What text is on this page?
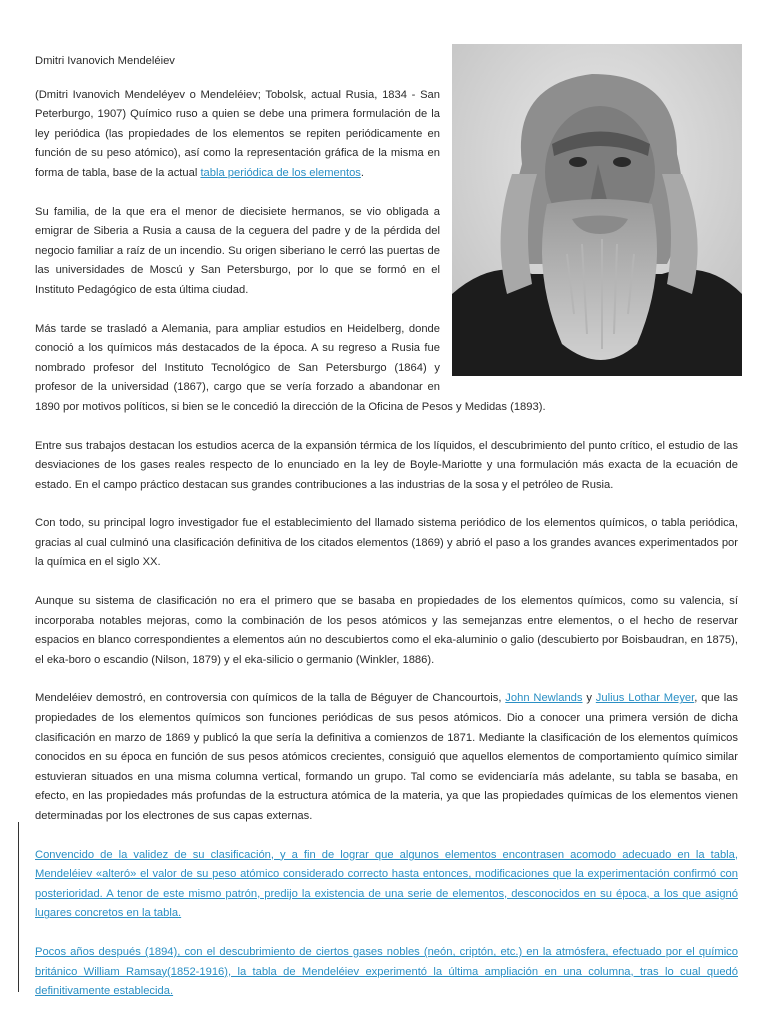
Dmitri Ivanovich Mendeléiev

(Dmitri Ivanovich Mendeléyev o Mendeléiev; Tobolsk, actual Rusia, 1834 - San Peterburgo, 1907) Químico ruso a quien se debe una primera formulación de la ley periódica (las propiedades de los elementos se repiten periódicamente en función de su peso atómico), así como la representación gráfica de la misma en forma de tabla, base de la actual tabla periódica de los elementos.

Su familia, de la que era el menor de diecisiete hermanos, se vio obligada a emigrar de Siberia a Rusia a causa de la ceguera del padre y de la pérdida del negocio familiar a raíz de un incendio. Su origen siberiano le cerró las puertas de las universidades de Moscú y San Petersburgo, por lo que se formó en el Instituto Pedagógico de esta última ciudad.

Más tarde se trasladó a Alemania, para ampliar estudios en Heidelberg, donde conoció a los químicos más destacados de la época. A su regreso a Rusia fue nombrado profesor del Instituto Tecnológico de San Petersburgo (1864) y profesor de la universidad (1867), cargo que se vería forzado a abandonar en 1890 por motivos políticos, si bien se le concedió la dirección de la Oficina de Pesos y Medidas (1893).

Entre sus trabajos destacan los estudios acerca de la expansión térmica de los líquidos, el descubrimiento del punto crítico, el estudio de las desviaciones de los gases reales respecto de lo enunciado en la ley de Boyle-Mariotte y una formulación más exacta de la ecuación de estado. En el campo práctico destacan sus grandes contribuciones a las industrias de la sosa y el petróleo de Rusia.

Con todo, su principal logro investigador fue el establecimiento del llamado sistema periódico de los elementos químicos, o tabla periódica, gracias al cual culminó una clasificación definitiva de los citados elementos (1869) y abrió el paso a los grandes avances experimentados por la química en el siglo XX.

Aunque su sistema de clasificación no era el primero que se basaba en propiedades de los elementos químicos, como su valencia, sí incorporaba notables mejoras, como la combinación de los pesos atómicos y las semejanzas entre elementos, o el hecho de reservar espacios en blanco correspondientes a elementos aún no descubiertos como el eka-aluminio o galio (descubierto por Boisbaudran, en 1875), el eka-boro o escandio (Nilson, 1879) y el eka-silicio o germanio (Winkler, 1886).

Mendeléiev demostró, en controversia con químicos de la talla de Béguyer de Chancourtois, John Newlands y Julius Lothar Meyer, que las propiedades de los elementos químicos son funciones periódicas de sus pesos atómicos. Dio a conocer una primera versión de dicha clasificación en marzo de 1869 y publicó la que sería la definitiva a comienzos de 1871. Mediante la clasificación de los elementos químicos conocidos en su época en función de sus pesos atómicos crecientes, consiguió que aquellos elementos de comportamiento químico similar estuvieran situados en una misma columna vertical, formando un grupo. Tal como se evidenciaría más adelante, su tabla se basaba, en efecto, en las propiedades más profundas de la estructura atómica de la materia, ya que las propiedades químicas de los elementos vienen determinadas por los electrones de sus capas externas.

Convencido de la validez de su clasificación, y a fin de lograr que algunos elementos encontrasen acomodo adecuado en la tabla, Mendeléiev «alteró» el valor de su peso atómico considerado correcto hasta entonces, modificaciones que la experimentación confirmó con posterioridad. A tenor de este mismo patrón, predijo la existencia de una serie de elementos, desconocidos en su época, a los que asignó lugares concretos en la tabla.

Pocos años después (1894), con el descubrimiento de ciertos gases nobles (neón, criptón, etc.) en la atmósfera, efectuado por el químico británico William Ramsay(1852-1916), la tabla de Mendeléiev experimentó la última ampliación en una columna, tras lo cual quedó definitivamente establecida.
